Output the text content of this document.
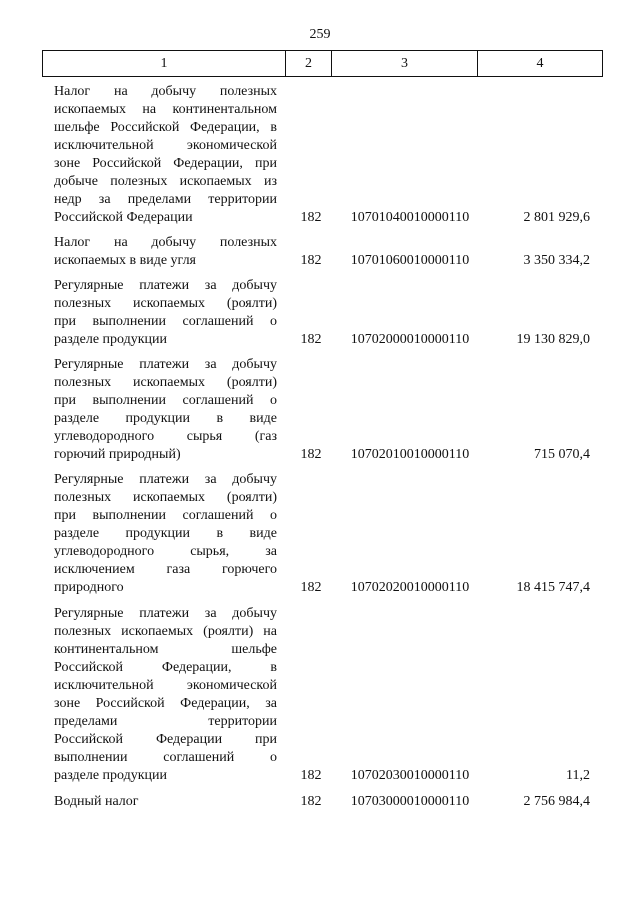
259
1	2	3	4
Налог на добычу полезных
ископаемых на континентальном
шельфе Российской Федерации, в
исключительной экономической
зоне Российской Федерации, при
добыче полезных ископаемых из
недр за пределами территории
Российской Федерации	182	10701040010000110	2 801 929,6
Налог на добычу полезных
ископаемых в виде угля	182	10701060010000110	3 350 334,2
Регулярные платежи за добычу
полезных ископаемых (роялти)
при выполнении соглашений о
разделе продукции	182	10702000010000110	19 130 829,0
Регулярные платежи за добычу
полезных ископаемых (роялти)
при выполнении соглашений о
разделе продукции в виде
углеводородного сырья (газ
горючий природный)	182	10702010010000110	715 070,4
Регулярные платежи за добычу
полезных ископаемых (роялти)
при выполнении соглашений о
разделе продукции в виде
углеводородного сырья, за
исключением газа горючего
природного	182	10702020010000110	18 415 747,4
Регулярные платежи за добычу
полезных ископаемых (роялти) на
континентальном шельфе
Российской Федерации, в
исключительной экономической
зоне Российской Федерации, за
пределами территории
Российской Федерации при
выполнении соглашений о
разделе продукции	182	10702030010000110	11,2
Водный налог	182	10703000010000110	2 756 984,4
